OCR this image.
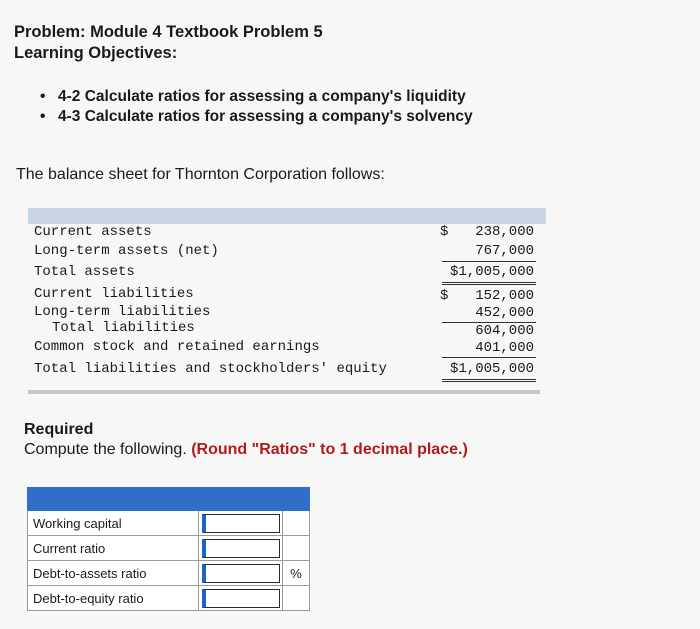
Problem: Module 4 Textbook Problem 5
Learning Objectives:
• 4-2 Calculate ratios for assessing a company's liquidity
• 4-3 Calculate ratios for assessing a company's solvency
The balance sheet for Thornton Corporation follows:
Current assets	$ 238,000
Long-term assets (net)	767,000
Total assets	$1,005,000
Current liabilities	$ 152,000
Long-term liabilities	452,000
Total liabilities	604,000
Common stock and retained earnings	401,000
Total liabilities and stockholders' equity	$1,005,000
Required
Compute the following. (Round "Ratios" to 1 decimal place.)

Working capital	

Current ratio	

Debt-to-assets ratio		%
Debt-to-equity ratio	
